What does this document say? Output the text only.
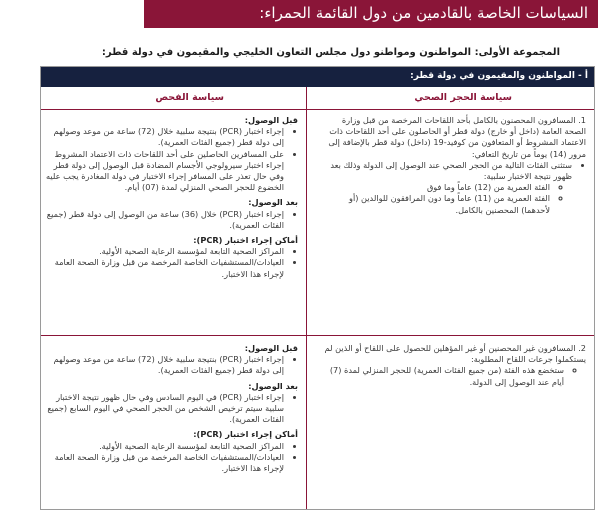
السياسات الخاصة بالقادمين من دول القائمة الحمراء:
المجموعة الأولى: المواطنون ومواطنو دول مجلس التعاون الخليجي والمقيمون في دولة قطر:
أ - المواطنون والمقيمون في دولة قطر:
سياسة الحجر الصحي
سياسة الفحص

1. المسافرون المحصنون بالكامل بأحد اللقاحات المرخصة من قبل وزارة الصحة العامة (داخل أو خارج) دولة قطر أو الحاصلون على أحد اللقاحات ذات الاعتماد المشروط أو المتعافون من كوفيد-19 (داخل) دولة قطر بالإضافة إلى مرور (14) يوماً من تاريخ التعافي:

• ستثنى الفئات التالية من الحجر الصحي عند الوصول إلى الدولة وذلك بعد ظهور نتيجة الاختبار سلبية:
◦ الفئة العمرية من (12) عاماً وما فوق
◦ الفئة العمرية من (11) عاماً وما دون المرافقون للوالدين (أو لأحدهما) المحصنين بالكامل.

قبل الوصول:

• إجراء اختبار (PCR) بنتيجة سلبية خلال (72) ساعة من موعد وصولهم إلى دولة قطر (جميع الفئات العمرية).
• على المسافرين الحاصلين على أحد اللقاحات ذات الاعتماد المشروط إجراء اختبار سيرولوجي الأجسام المضادة قبل الوصول إلى دولة قطر وفي حال تعذر على المسافر إجراء الاختبار في دولة المغادرة يجب عليه الخضوع للحجر الصحي المنزلي لمدة (07) أيام.

بعد الوصول:

• إجراء اختبار (PCR) خلال (36) ساعة من الوصول إلى دولة قطر (جميع الفئات العمرية).

أماكن إجراء اختبار (PCR):

• المراكز الصحية التابعة لمؤسسة الرعاية الصحية الأولية.
• العيادات/المستشفيات الخاصة المرخصة من قبل وزارة الصحة العامة لإجراء هذا الاختبار.

2. المسافرون غير المحصنين أو غير المؤهلين للحصول على اللقاح أو الذين لم يستكملوا جرعات اللقاح المطلوبة:

◦ ستخضع هذه الفئة (من جميع الفئات العمرية) للحجر المنزلي لمدة (7) أيام عند الوصول إلى الدولة.

قبل الوصول:

• إجراء اختبار (PCR) بنتيجة سلبية خلال (72) ساعة من موعد وصولهم إلى دولة قطر (جميع الفئات العمرية).

بعد الوصول:

• إجراء اختبار (PCR) في اليوم السادس وفي حال ظهور نتيجة الاختبار سلبية سيتم ترخيص الشخص من الحجر الصحي في اليوم السابع (جميع الفئات العمرية).

أماكن إجراء اختبار (PCR):

• المراكز الصحية التابعة لمؤسسة الرعاية الصحية الأولية.
• العيادات/المستشفيات الخاصة المرخصة من قبل وزارة الصحة العامة لإجراء هذا الاختبار.
